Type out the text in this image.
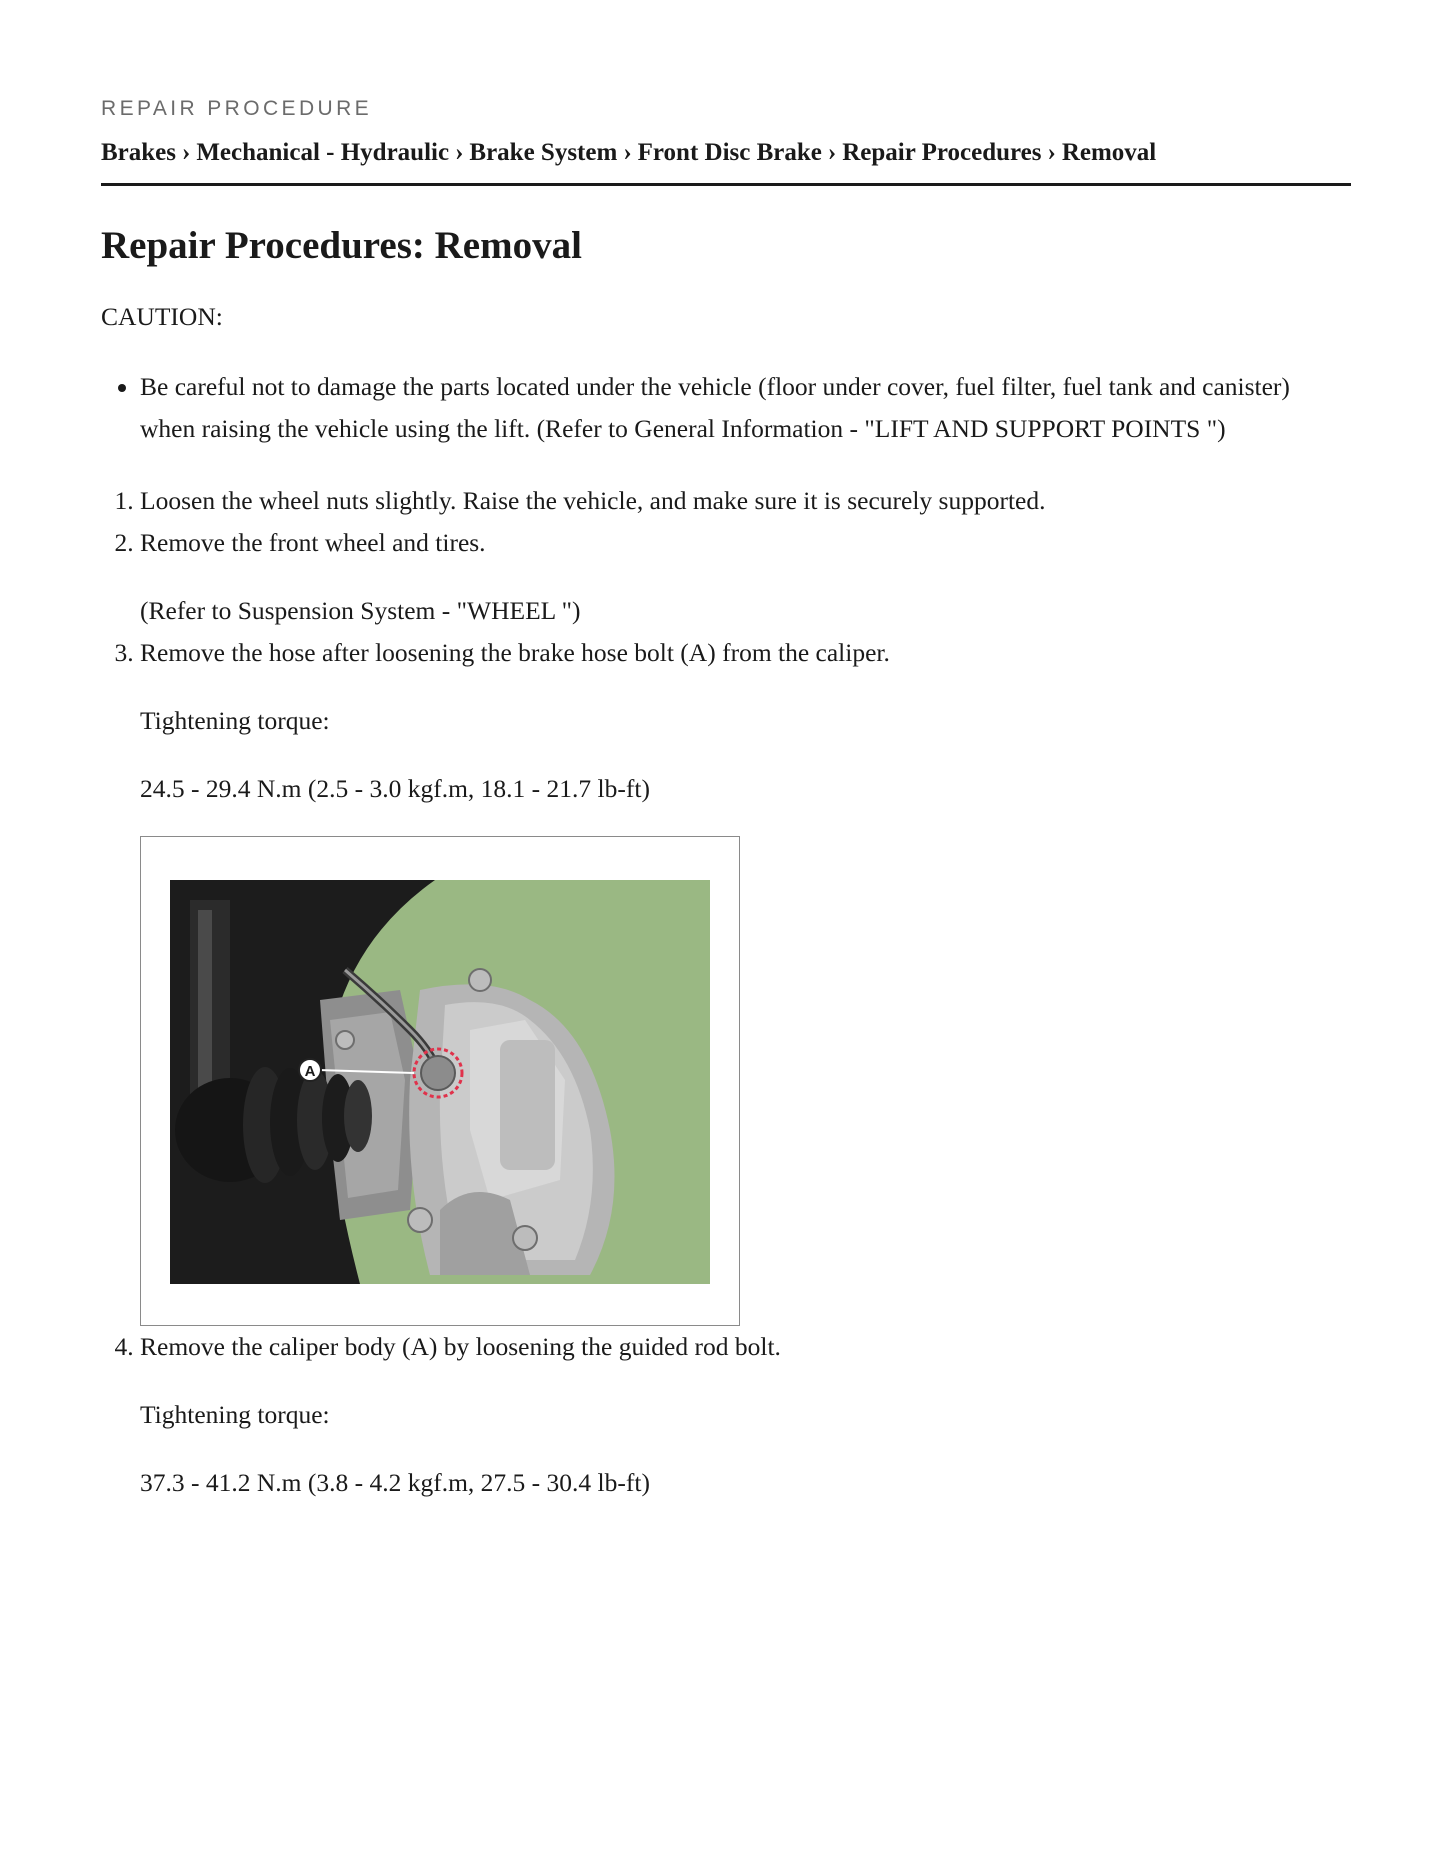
REPAIR PROCEDURE
Brakes › Mechanical - Hydraulic › Brake System › Front Disc Brake › Repair Procedures › Removal
Repair Procedures: Removal

CAUTION:

• Be careful not to damage the parts located under the vehicle (floor under cover, fuel filter, fuel tank and canister) when raising the vehicle using the lift. (Refer to General Information - "LIFT AND SUPPORT POINTS ")
1. Loosen the wheel nuts slightly. Raise the vehicle, and make sure it is securely supported.
2. Remove the front wheel and tires.

(Refer to Suspension System - "WHEEL ")

3. Remove the hose after loosening the brake hose bolt (A) from the caliper.

Tightening torque:

24.5 - 29.4 N.m (2.5 - 3.0 kgf.m, 18.1 - 21.7 lb-ft)

A
4. Remove the caliper body (A) by loosening the guided rod bolt.

Tightening torque:

37.3 - 41.2 N.m (3.8 - 4.2 kgf.m, 27.5 - 30.4 lb-ft)
